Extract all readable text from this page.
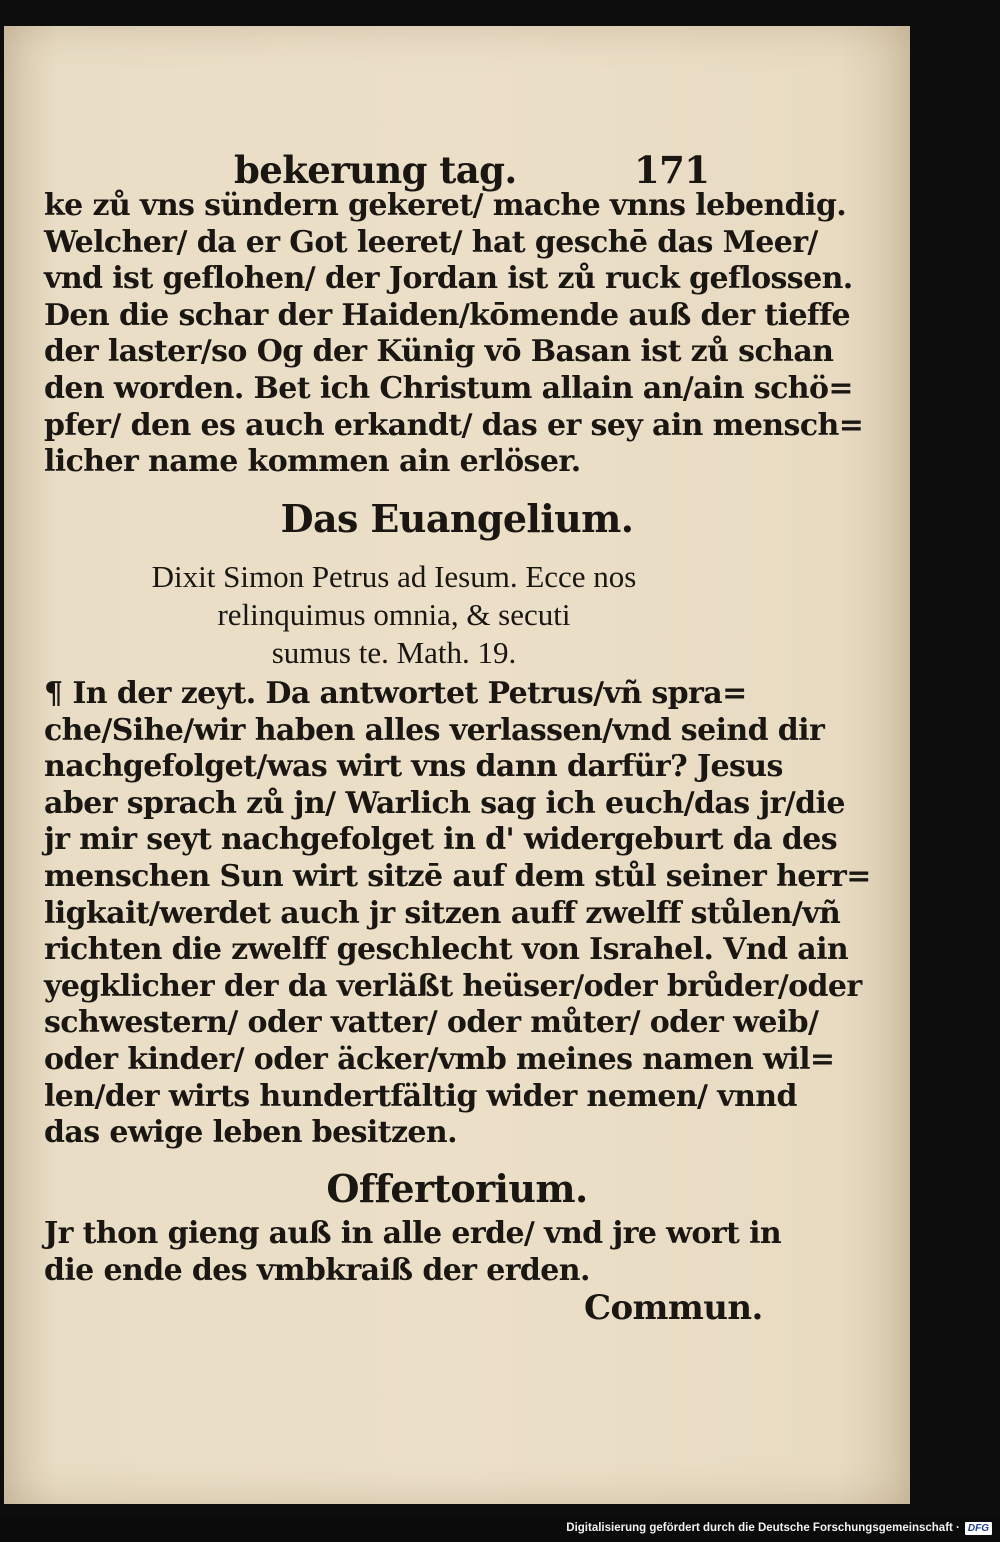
bekerung tag.	171
ke zů vns sündern gekeret/ mache vnns lebendig.
Welcher/ da er Got leeret/ hat geschē das Meer/
vnd ist geflohen/ der Jordan ist zů ruck geflossen.
Den die schar der Haiden/kōmende auß der tieffe
der laster/so Og der Künig vō Basan ist zů schan
den worden. Bet ich Christum allain an/ain schö=
pfer/ den es auch erkandt/ das er sey ain mensch=
licher name kommen ain erlöser.
Das Euangelium.
Dixit Simon Petrus ad Iesum. Ecce nos
relinquimus omnia, & secuti
sumus te. Math. 19.
¶ In der zeyt. Da antwortet Petrus/vñ spra=
che/Sihe/wir haben alles verlassen/vnd seind dir
nachgefolget/was wirt vns dann darfür? Jesus
aber sprach zů jn/ Warlich sag ich euch/das jr/die
jr mir seyt nachgefolget in d' widergeburt da des
menschen Sun wirt sitzē auf dem stůl seiner herr=
ligkait/werdet auch jr sitzen auff zwelff stůlen/vñ
richten die zwelff geschlecht von Israhel. Vnd ain
yegklicher der da verläßt heüser/oder brůder/oder
schwestern/ oder vatter/ oder můter/ oder weib/
oder kinder/ oder äcker/vmb meines namen wil=
len/der wirts hundertfältig wider nemen/ vnnd
das ewige leben besitzen.
Offertorium.
Jr thon gieng auß in alle erde/ vnd jre wort in
die ende des vmbkraiß der erden.
Commun.
Digitalisierung gefördert durch die Deutsche Forschungsgemeinschaft · DFG
